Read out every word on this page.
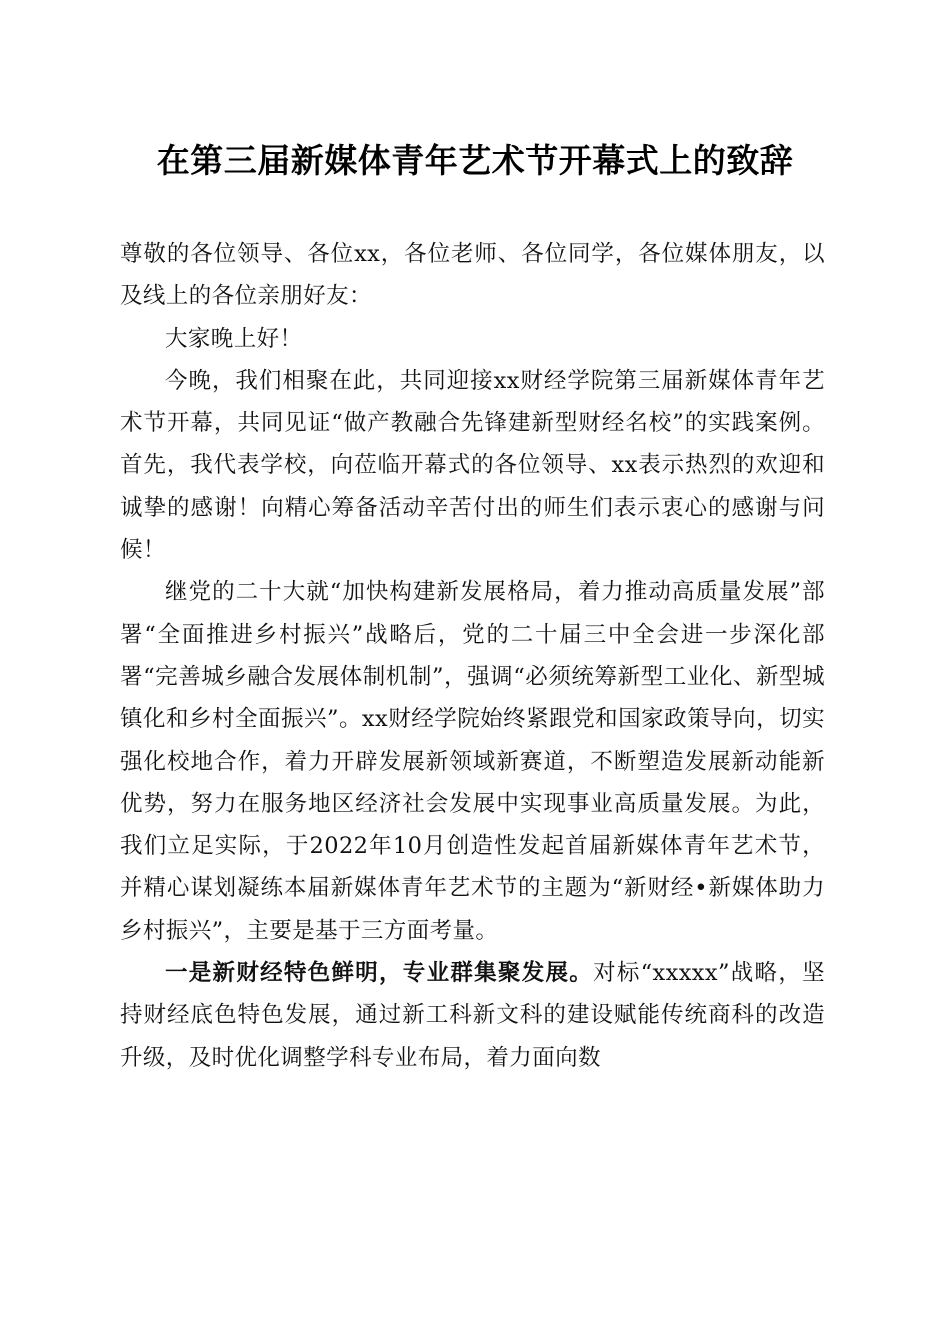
在第三届新媒体青年艺术节开幕式上的致辞

尊敬的各位领导、各位xx，各位老师、各位同学，各位媒体朋友，以及线上的各位亲朋好友：

大家晚上好！

今晚，我们相聚在此，共同迎接xx财经学院第三届新媒体青年艺术节开幕，共同见证“做产教融合先锋建新型财经名校”的实践案例。首先，我代表学校，向莅临开幕式的各位领导、xx表示热烈的欢迎和诚挚的感谢！向精心筹备活动辛苦付出的师生们表示衷心的感谢与问候！

继党的二十大就“加快构建新发展格局，着力推动高质量发展”部署“全面推进乡村振兴”战略后，党的二十届三中全会进一步深化部署“完善城乡融合发展体制机制”，强调“必须统筹新型工业化、新型城镇化和乡村全面振兴”。xx财经学院始终紧跟党和国家政策导向，切实强化校地合作，着力开辟发展新领域新赛道，不断塑造发展新动能新优势，努力在服务地区经济社会发展中实现事业高质量发展。为此，我们立足实际，于2022年10月创造性发起首届新媒体青年艺术节，并精心谋划凝练本届新媒体青年艺术节的主题为“新财经•新媒体助力乡村振兴”，主要是基于三方面考量。

一是新财经特色鲜明，专业群集聚发展。对标“xxxxx”战略，坚持财经底色特色发展，通过新工科新文科的建设赋能传统商科的改造升级，及时优化调整学科专业布局，着力面向数
